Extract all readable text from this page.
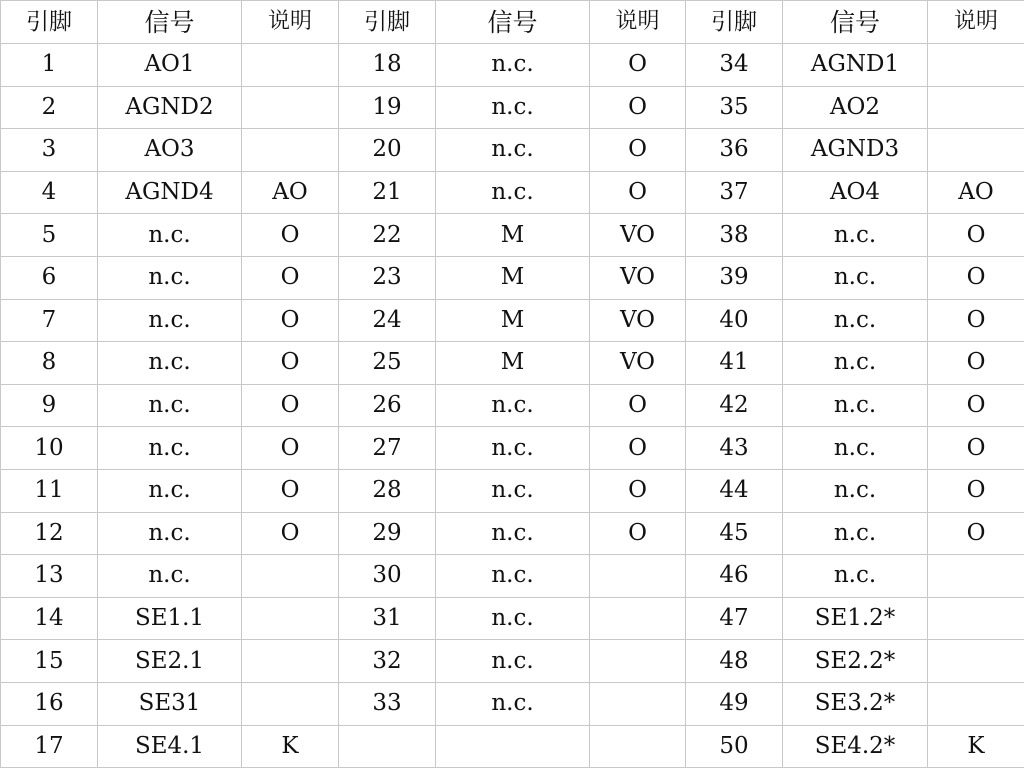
引脚	信号	说明	引脚	信号	说明	引脚	信号	说明
1	AO1		18	n.c.	O	34	AGND1	
2	AGND2		19	n.c.	O	35	AO2	
3	AO3		20	n.c.	O	36	AGND3	
4	AGND4	AO	21	n.c.	O	37	AO4	AO
5	n.c.	O	22	M	VO	38	n.c.	O
6	n.c.	O	23	M	VO	39	n.c.	O
7	n.c.	O	24	M	VO	40	n.c.	O
8	n.c.	O	25	M	VO	41	n.c.	O
9	n.c.	O	26	n.c.	O	42	n.c.	O
10	n.c.	O	27	n.c.	O	43	n.c.	O
11	n.c.	O	28	n.c.	O	44	n.c.	O
12	n.c.	O	29	n.c.	O	45	n.c.	O
13	n.c.		30	n.c.		46	n.c.	
14	SE1.1		31	n.c.		47	SE1.2*	
15	SE2.1		32	n.c.		48	SE2.2*	
16	SE31		33	n.c.		49	SE3.2*	
17	SE4.1	K				50	SE4.2*	K
